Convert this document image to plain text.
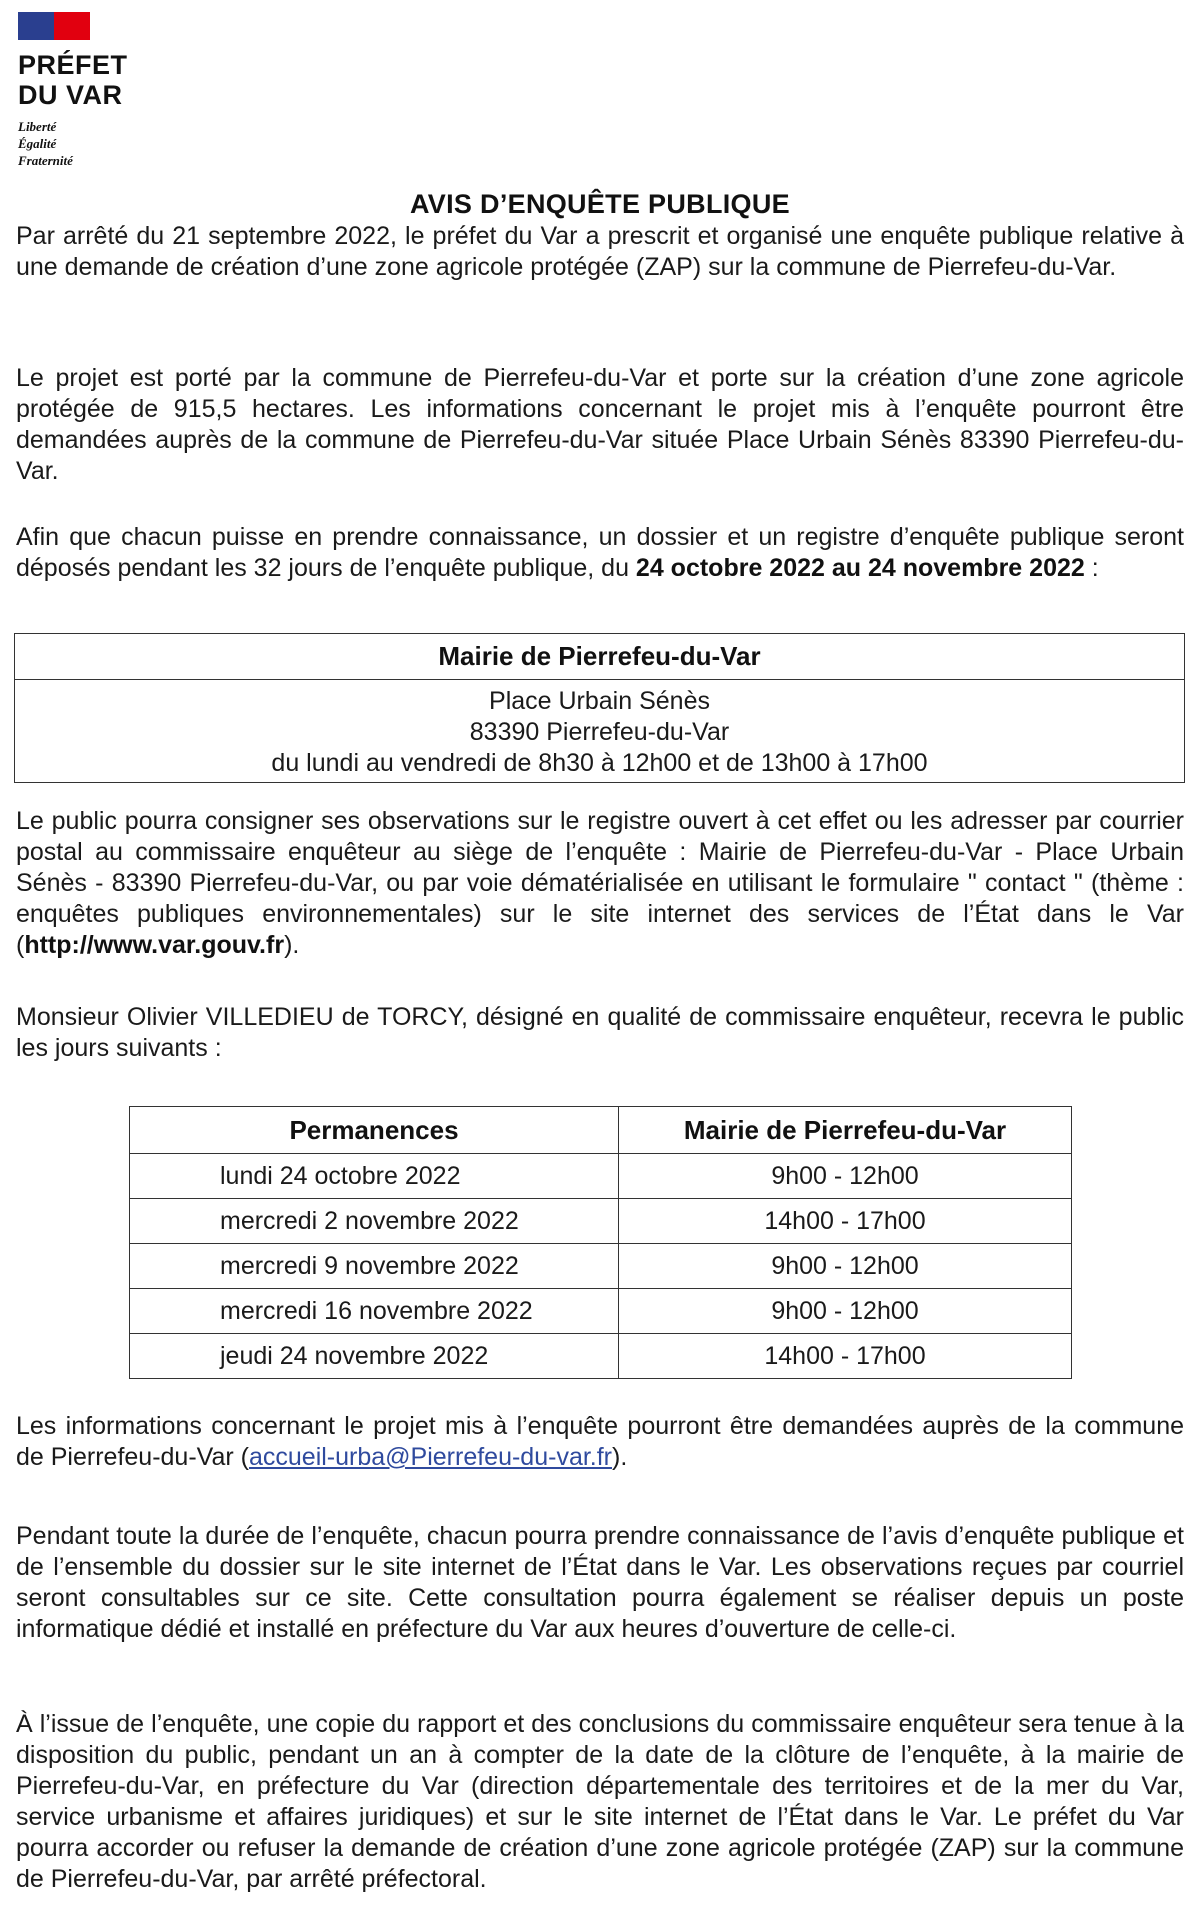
PRÉFET
DU VAR
Liberté
Égalité
Fraternité
AVIS D’ENQUÊTE PUBLIQUE

Par arrêté du 21 septembre 2022, le préfet du Var a prescrit et organisé une enquête publique relative à une demande de création d’une zone agricole protégée (ZAP) sur la commune de Pierrefeu-du-Var.

Le projet est porté par la commune de Pierrefeu-du-Var et porte sur la création d’une zone agricole protégée de 915,5 hectares. Les informations concernant le projet mis à l’enquête pourront être demandées auprès de la commune de Pierrefeu-du-Var située Place Urbain Sénès 83390 Pierrefeu-du-Var.

Afin que chacun puisse en prendre connaissance, un dossier et un registre d’enquête publique seront déposés pendant les 32 jours de l’enquête publique, du 24 octobre 2022 au 24 novembre 2022 :

Mairie de Pierrefeu-du-Var
Place Urbain Sénès
83390 Pierrefeu-du-Var
du lundi au vendredi de 8h30 à 12h00 et de 13h00 à 17h00

Le public pourra consigner ses observations sur le registre ouvert à cet effet ou les adresser par courrier postal au commissaire enquêteur au siège de l’enquête : Mairie de Pierrefeu-du-Var - Place Urbain Sénès - 83390 Pierrefeu-du-Var, ou par voie dématérialisée en utilisant le formulaire " contact " (thème : enquêtes publiques environnementales) sur le site internet des services de l’État dans le Var (http://www.var.gouv.fr).

Monsieur Olivier VILLEDIEU de TORCY, désigné en qualité de commissaire enquêteur, recevra le public les jours suivants :

Permanences	Mairie de Pierrefeu-du-Var
lundi 24 octobre 2022	9h00 - 12h00
mercredi 2 novembre 2022	14h00 - 17h00
mercredi 9 novembre 2022	9h00 - 12h00
mercredi 16 novembre 2022	9h00 - 12h00
jeudi 24 novembre 2022	14h00 - 17h00

Les informations concernant le projet mis à l’enquête pourront être demandées auprès de la commune de Pierrefeu-du-Var (accueil-urba@Pierrefeu-du-var.fr).

Pendant toute la durée de l’enquête, chacun pourra prendre connaissance de l’avis d’enquête publique et de l’ensemble du dossier sur le site internet de l’État dans le Var. Les observations reçues par courriel seront consultables sur ce site. Cette consultation pourra également se réaliser depuis un poste informatique dédié et installé en préfecture du Var aux heures d’ouverture de celle-ci.

À l’issue de l’enquête, une copie du rapport et des conclusions du commissaire enquêteur sera tenue à la disposition du public, pendant un an à compter de la date de la clôture de l’enquête, à la mairie de Pierrefeu-du-Var, en préfecture du Var (direction départementale des territoires et de la mer du Var, service urbanisme et affaires juridiques) et sur le site internet de l’État dans le Var. Le préfet du Var pourra accorder ou refuser la demande de création d’une zone agricole protégée (ZAP) sur la commune de Pierrefeu-du-Var, par arrêté préfectoral.
